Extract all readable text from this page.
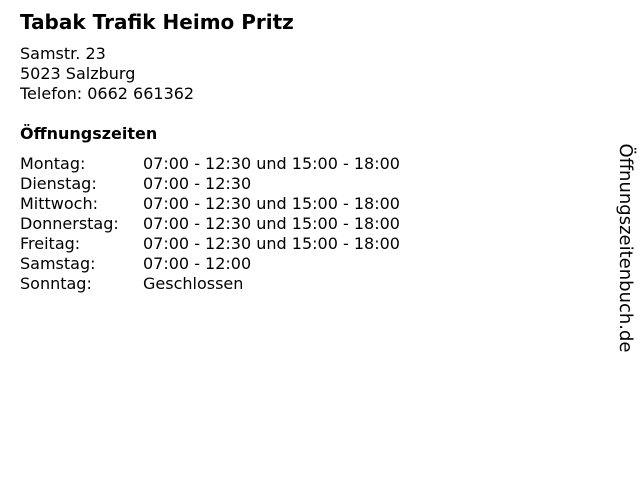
Tabak Trafik Heimo Pritz
Samstr. 23
5023 Salzburg
Telefon: 0662 661362
Öffnungszeiten
Montag:	07:00 - 12:30 und 15:00 - 18:00
Dienstag:	07:00 - 12:30
Mittwoch:	07:00 - 12:30 und 15:00 - 18:00
Donnerstag: 07:00 - 12:30 und 15:00 - 18:00
Freitag:	07:00 - 12:30 und 15:00 - 18:00
Samstag:	07:00 - 12:00
Sonntag:	Geschlossen	Öffnungszeitenbuch.de
